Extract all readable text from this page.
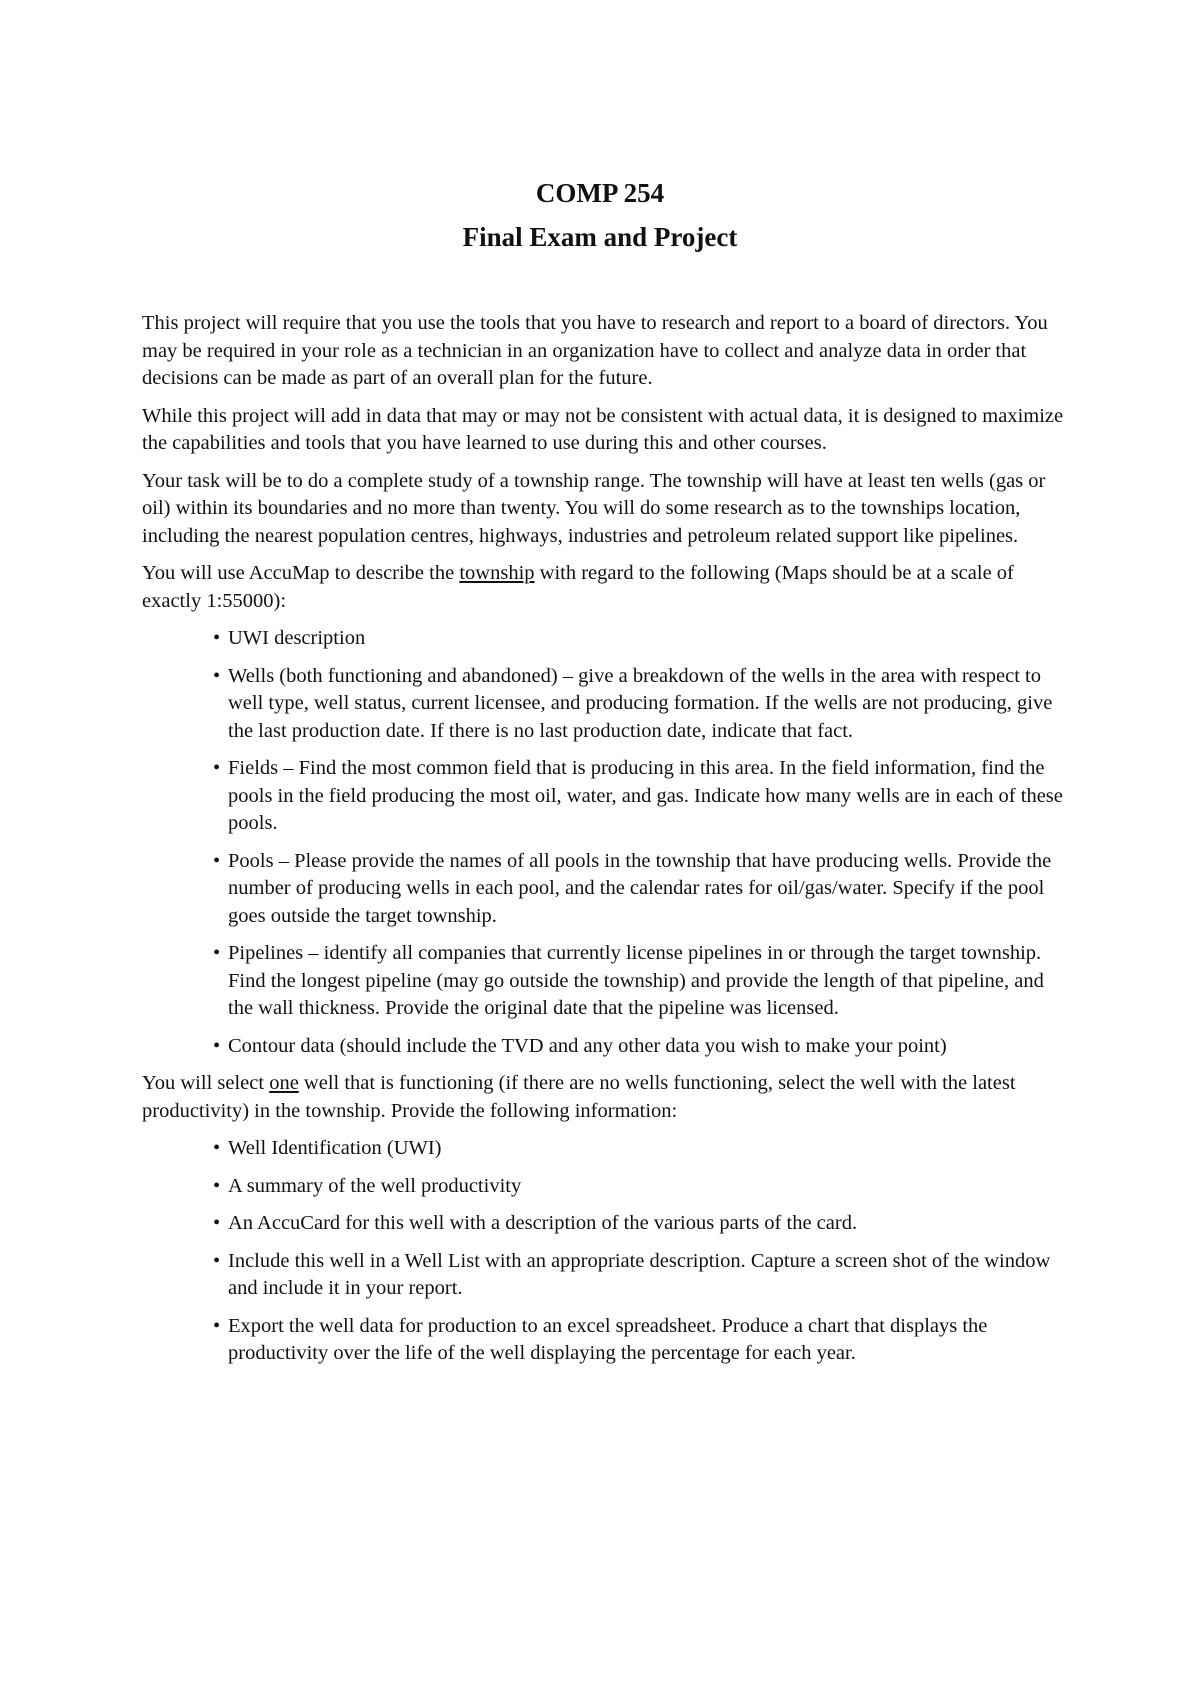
COMP 254
Final Exam and Project

This project will require that you use the tools that you have to research and report to a board of directors. You may be required in your role as a technician in an organization have to collect and analyze data in order that decisions can be made as part of an overall plan for the future.

While this project will add in data that may or may not be consistent with actual data, it is designed to maximize the capabilities and tools that you have learned to use during this and other courses.

Your task will be to do a complete study of a township range. The township will have at least ten wells (gas or oil) within its boundaries and no more than twenty. You will do some research as to the townships location, including the nearest population centres, highways, industries and petroleum related support like pipelines.

You will use AccuMap to describe the township with regard to the following (Maps should be at a scale of exactly 1:55000):

• UWI description
• Wells (both functioning and abandoned) – give a breakdown of the wells in the area with respect to well type, well status, current licensee, and producing formation. If the wells are not producing, give the last production date. If there is no last production date, indicate that fact.
• Fields – Find the most common field that is producing in this area. In the field information, find the pools in the field producing the most oil, water, and gas. Indicate how many wells are in each of these pools.
• Pools – Please provide the names of all pools in the township that have producing wells. Provide the number of producing wells in each pool, and the calendar rates for oil/gas/water. Specify if the pool goes outside the target township.
• Pipelines – identify all companies that currently license pipelines in or through the target township. Find the longest pipeline (may go outside the township) and provide the length of that pipeline, and the wall thickness. Provide the original date that the pipeline was licensed.
• Contour data (should include the TVD and any other data you wish to make your point)

You will select one well that is functioning (if there are no wells functioning, select the well with the latest productivity) in the township. Provide the following information:

• Well Identification (UWI)
• A summary of the well productivity
• An AccuCard for this well with a description of the various parts of the card.
• Include this well in a Well List with an appropriate description. Capture a screen shot of the window and include it in your report.
• Export the well data for production to an excel spreadsheet. Produce a chart that displays the productivity over the life of the well displaying the percentage for each year.
